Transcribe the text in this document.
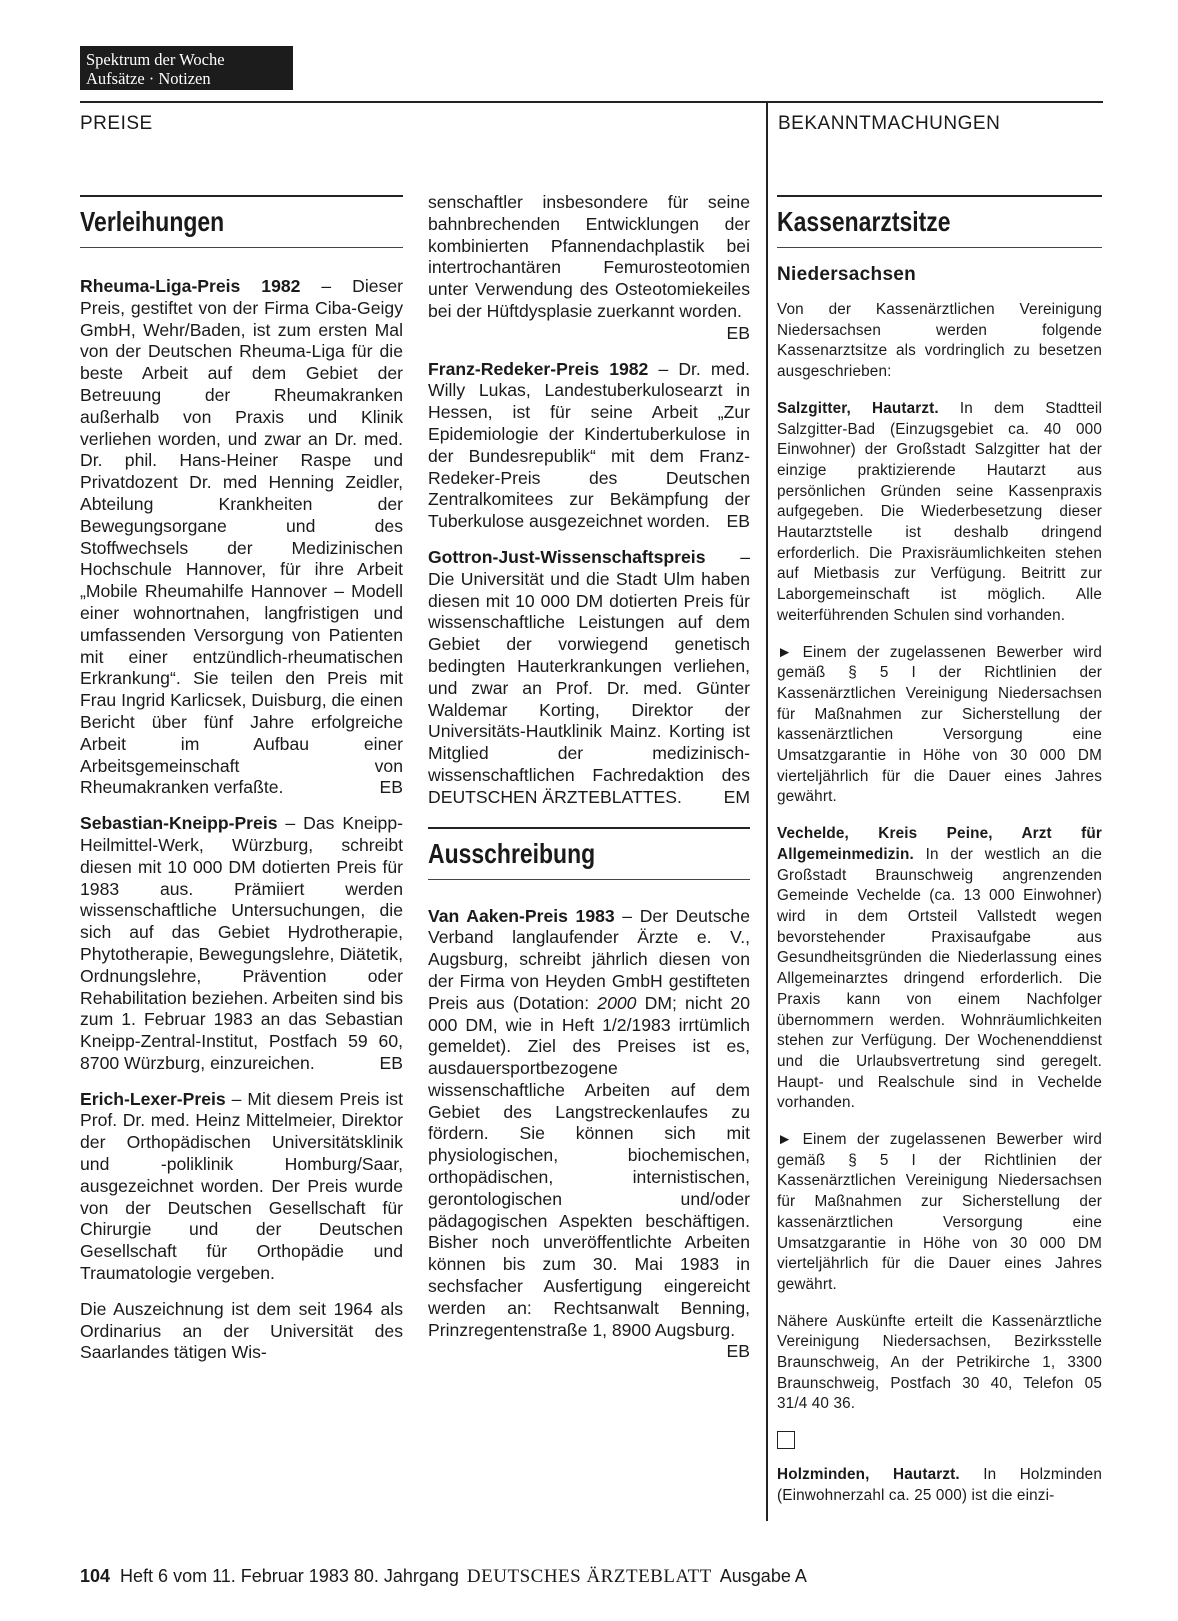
Spektrum der Woche
Aufsätze · Notizen
PREISE	BEKANNTMACHUNGEN
Verleihungen

Rheuma-Liga-Preis 1982 – Dieser Preis, gestiftet von der Firma Ciba-Geigy GmbH, Wehr/Baden, ist zum ersten Mal von der Deutschen Rheuma-Liga für die beste Arbeit auf dem Gebiet der Betreuung der Rheumakranken außerhalb von Praxis und Klinik verliehen worden, und zwar an Dr. med. Dr. phil. Hans-Heiner Raspe und Privatdozent Dr. med Henning Zeidler, Abteilung Krankheiten der Bewegungsorgane und des Stoffwechsels der Medizinischen Hochschule Hannover, für ihre Arbeit „Mobile Rheumahilfe Hannover – Modell einer wohnortnahen, langfristigen und umfassenden Versorgung von Patienten mit einer entzündlich-rheumatischen Erkrankung“. Sie teilen den Preis mit Frau Ingrid Karlicsek, Duisburg, die einen Bericht über fünf Jahre erfolgreiche Arbeit im Aufbau einer Arbeitsgemeinschaft von Rheumakranken verfaßte.	EB

Sebastian-Kneipp-Preis – Das Kneipp-Heilmittel-Werk, Würzburg, schreibt diesen mit 10 000 DM dotierten Preis für 1983 aus. Prämiiert werden wissenschaftliche Untersuchungen, die sich auf das Gebiet Hydrotherapie, Phytotherapie, Bewegungslehre, Diätetik, Ordnungslehre, Prävention oder Rehabilitation beziehen. Arbeiten sind bis zum 1. Februar 1983 an das Sebastian Kneipp-Zentral-Institut, Postfach 59 60, 8700 Würzburg, einzureichen.	EB

Erich-Lexer-Preis – Mit diesem Preis ist Prof. Dr. med. Heinz Mittelmeier, Direktor der Orthopädischen Universitätsklinik und -poliklinik Homburg/Saar, ausgezeichnet worden. Der Preis wurde von der Deutschen Gesellschaft für Chirurgie und der Deutschen Gesellschaft für Orthopädie und Traumatologie vergeben.

Die Auszeichnung ist dem seit 1964 als Ordinarius an der Universität des Saarlandes tätigen Wis-

senschaftler insbesondere für seine bahnbrechenden Entwicklungen der kombinierten Pfannendachplastik bei intertrochantären Femurosteotomien unter Verwendung des Osteotomiekeiles bei der Hüftdysplasie zuerkannt worden.
EB

Franz-Redeker-Preis 1982 – Dr. med. Willy Lukas, Landestuberkulosearzt in Hessen, ist für seine Arbeit „Zur Epidemiologie der Kindertuberkulose in der Bundesrepublik“ mit dem Franz-Redeker-Preis des Deutschen Zentralkomitees zur Bekämpfung der Tuberkulose ausgezeichnet worden. EB

Gottron-Just-Wissenschaftspreis – Die Universität und die Stadt Ulm haben diesen mit 10 000 DM dotierten Preis für wissenschaftliche Leistungen auf dem Gebiet der vorwiegend genetisch bedingten Hauterkrankungen verliehen, und zwar an Prof. Dr. med. Günter Waldemar Korting, Direktor der Universitäts-Hautklinik Mainz. Korting ist Mitglied der medizinisch-wissenschaftlichen Fachredaktion des DEUTSCHEN ÄRZTEBLATTES. EM

Ausschreibung

Van Aaken-Preis 1983 – Der Deutsche Verband langlaufender Ärzte e. V., Augsburg, schreibt jährlich diesen von der Firma von Heyden GmbH gestifteten Preis aus (Dotation: 2000 DM; nicht 20 000 DM, wie in Heft 1/2/1983 irrtümlich gemeldet). Ziel des Preises ist es, ausdauersportbezogene wissenschaftliche Arbeiten auf dem Gebiet des Langstreckenlaufes zu fördern. Sie können sich mit physiologischen, biochemischen, orthopädischen, internistischen, gerontologischen und/oder pädagogischen Aspekten beschäftigen. Bisher noch unveröffentlichte Arbeiten können bis zum 30. Mai 1983 in sechsfacher Ausfertigung eingereicht werden an: Rechtsanwalt Benning, Prinzregentenstraße 1, 8900 Augsburg.
EB

Kassenarztsitze
Niedersachsen

Von der Kassenärztlichen Vereinigung Niedersachsen werden folgende Kassenarztsitze als vordringlich zu besetzen ausgeschrieben:

Salzgitter, Hautarzt. In dem Stadtteil Salzgitter-Bad (Einzugsgebiet ca. 40 000 Einwohner) der Großstadt Salzgitter hat der einzige praktizierende Hautarzt aus persönlichen Gründen seine Kassenpraxis aufgegeben. Die Wiederbesetzung dieser Hautarztstelle ist deshalb dringend erforderlich. Die Praxisräumlichkeiten stehen auf Mietbasis zur Verfügung. Beitritt zur Laborgemeinschaft ist möglich. Alle weiterführenden Schulen sind vorhanden.

► Einem der zugelassenen Bewerber wird gemäß § 5 I der Richtlinien der Kassenärztlichen Vereinigung Niedersachsen für Maßnahmen zur Sicherstellung der kassenärztlichen Versorgung eine Umsatzgarantie in Höhe von 30 000 DM vierteljährlich für die Dauer eines Jahres gewährt.

Vechelde, Kreis Peine, Arzt für Allgemeinmedizin. In der westlich an die Großstadt Braunschweig angrenzenden Gemeinde Vechelde (ca. 13 000 Einwohner) wird in dem Ortsteil Vallstedt wegen bevorstehender Praxisaufgabe aus Gesundheitsgründen die Niederlassung eines Allgemeinarztes dringend erforderlich. Die Praxis kann von einem Nachfolger übernommern werden. Wohnräumlichkeiten stehen zur Verfügung. Der Wochenenddienst und die Urlaubsvertretung sind geregelt. Haupt- und Realschule sind in Vechelde vorhanden.

► Einem der zugelassenen Bewerber wird gemäß § 5 I der Richtlinien der Kassenärztlichen Vereinigung Niedersachsen für Maßnahmen zur Sicherstellung der kassenärztlichen Versorgung eine Umsatzgarantie in Höhe von 30 000 DM vierteljährlich für die Dauer eines Jahres gewährt.

Nähere Auskünfte erteilt die Kassenärztliche Vereinigung Niedersachsen, Bezirksstelle Braunschweig, An der Petrikirche 1, 3300 Braunschweig, Postfach 30 40, Telefon 05 31/4 40 36.

Holzminden, Hautarzt. In Holzminden (Einwohnerzahl ca. 25 000) ist die einzi-

104 Heft 6 vom 11. Februar 1983 80. Jahrgang DEUTSCHES ÄRZTEBLATT Ausgabe A
